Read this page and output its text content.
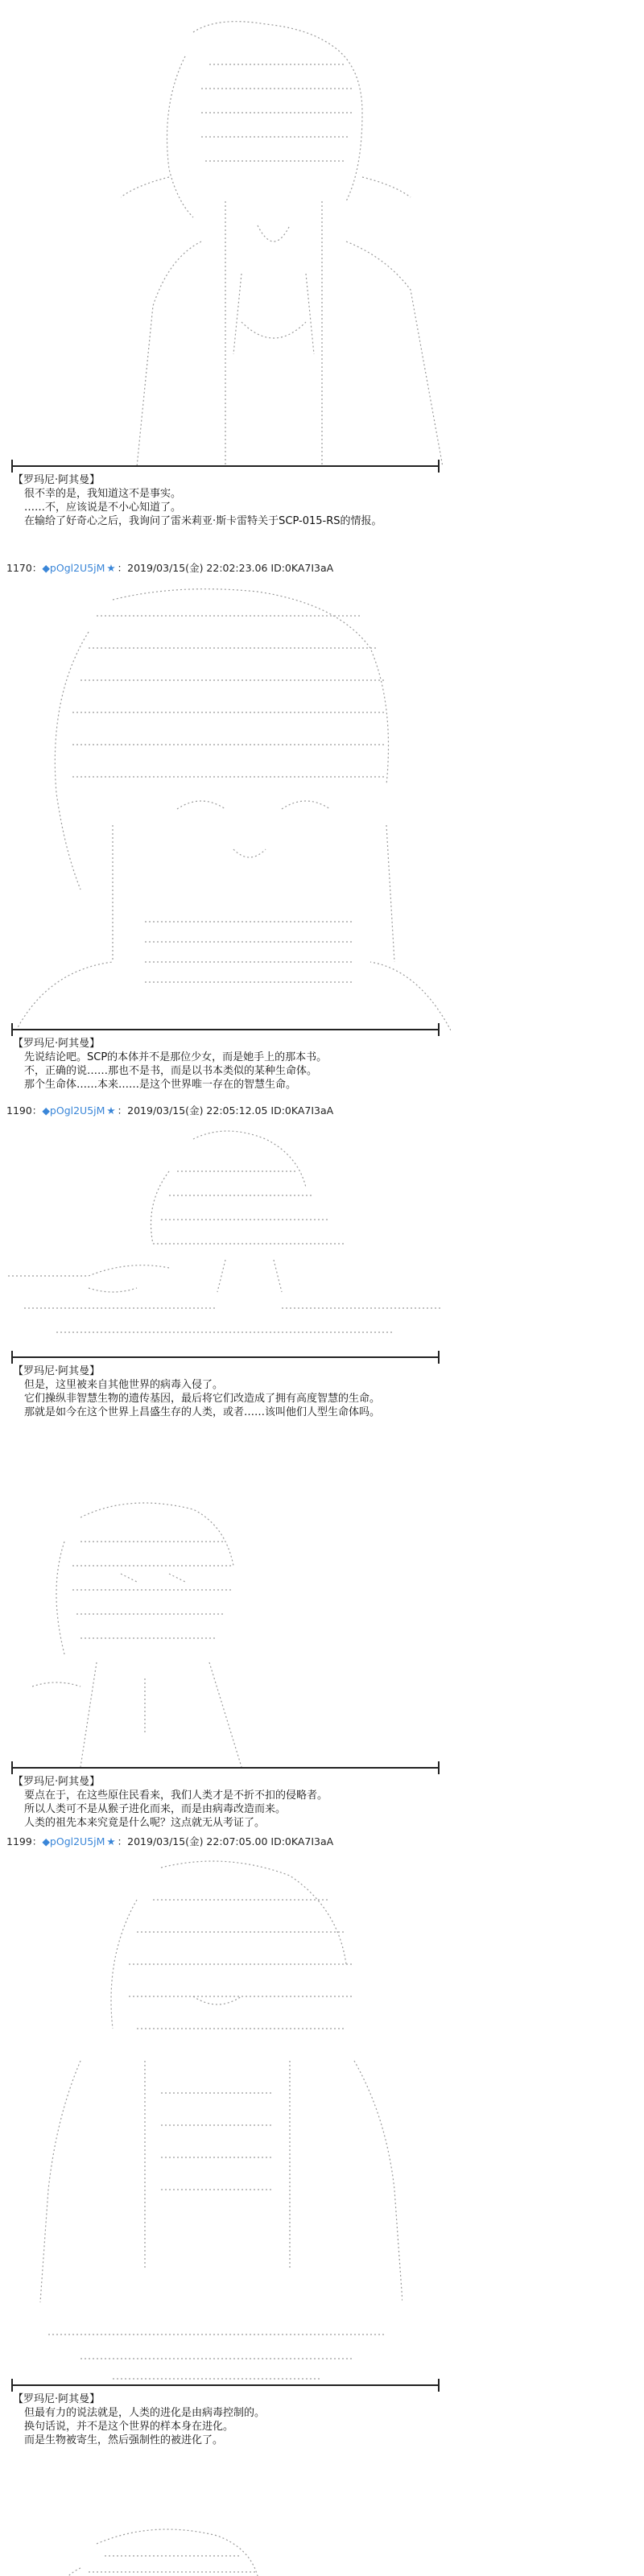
【罗玛尼·阿其曼】
很不幸的是，我知道这不是事实。
……不，应该说是不小心知道了。
在输给了好奇心之后，我询问了雷米莉亚·斯卡雷特关于SCP-015-RS的情报。
1170：◆pOgl2U5jM ★ ：2019/03/15(金) 22:02:23.06 ID:0KA7I3aA
【罗玛尼·阿其曼】
先说结论吧。SCP的本体并不是那位少女，而是她手上的那本书。
不，正确的说……那也不是书，而是以书本类似的某种生命体。
那个生命体……本来……是这个世界唯一存在的智慧生命。
1190：◆pOgl2U5jM ★ ：2019/03/15(金) 22:05:12.05 ID:0KA7I3aA
【罗玛尼·阿其曼】
但是，这里被来自其他世界的病毒入侵了。
它们操纵非智慧生物的遗传基因，最后将它们改造成了拥有高度智慧的生命。
那就是如今在这个世界上昌盛生存的人类，或者……该叫他们人型生命体吗。
【罗玛尼·阿其曼】
要点在于，在这些原住民看来，我们人类才是不折不扣的侵略者。
所以人类可不是从猴子进化而来，而是由病毒改造而来。
人类的祖先本来究竟是什么呢？这点就无从考证了。
1199：◆pOgl2U5jM ★ ：2019/03/15(金) 22:07:05.00 ID:0KA7I3aA
【罗玛尼·阿其曼】
但最有力的说法就是，人类的进化是由病毒控制的。
换句话说，并不是这个世界的样本身在进化。
而是生物被寄生，然后强制性的被进化了。
